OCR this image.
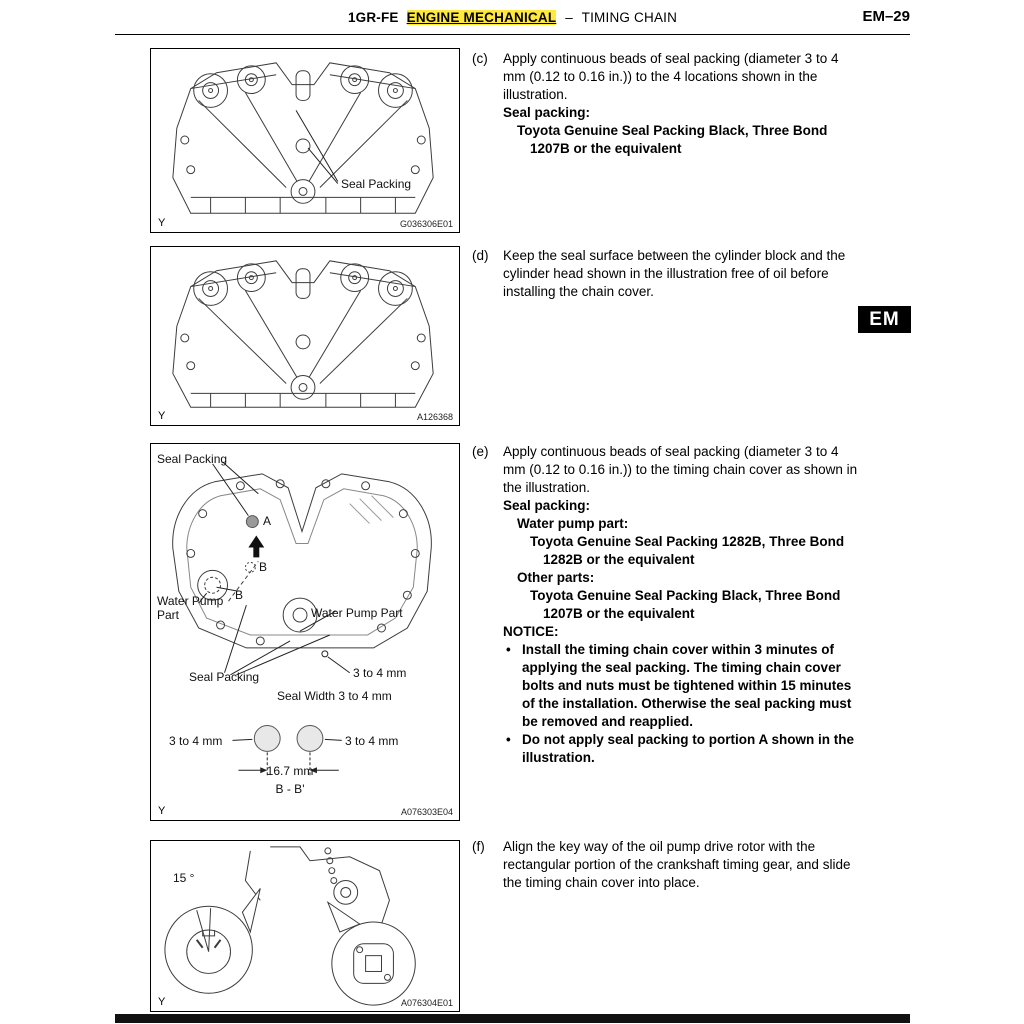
1GR-FE ENGINE MECHANICAL – TIMING CHAIN	EM–29
Seal Packing
Y	G036306E01
Y	A126368
Seal Packing
A
B
B
Water Pump Part	Water Pump Part
Seal Packing	3 to 4 mm
Seal Width 3 to 4 mm
3 to 4 mm	3 to 4 mm
16.7 mm
B - B'
Y	A076303E04
15 °
Y	A076304E01
(c)	Apply continuous beads of seal packing (diameter 3 to 4 mm (0.12 to 0.16 in.)) to the 4 locations shown in the illustration.
Seal packing:
Toyota Genuine Seal Packing Black, Three Bond 1207B or the equivalent
(d)	Keep the seal surface between the cylinder block and the cylinder head shown in the illustration free of oil before installing the chain cover.
(e)	Apply continuous beads of seal packing (diameter 3 to 4 mm (0.12 to 0.16 in.)) to the timing chain cover as shown in the illustration.
Seal packing:
Water pump part:
Toyota Genuine Seal Packing 1282B, Three Bond 1282B or the equivalent
Other parts:
Toyota Genuine Seal Packing Black, Three Bond 1207B or the equivalent
NOTICE:
• Install the timing chain cover within 3 minutes of applying the seal packing. The timing chain cover bolts and nuts must be tightened within 15 minutes of the installation. Otherwise the seal packing must be removed and reapplied.
• Do not apply seal packing to portion A shown in the illustration.
(f)	Align the key way of the oil pump drive rotor with the rectangular portion of the crankshaft timing gear, and slide the timing chain cover into place.
EM
